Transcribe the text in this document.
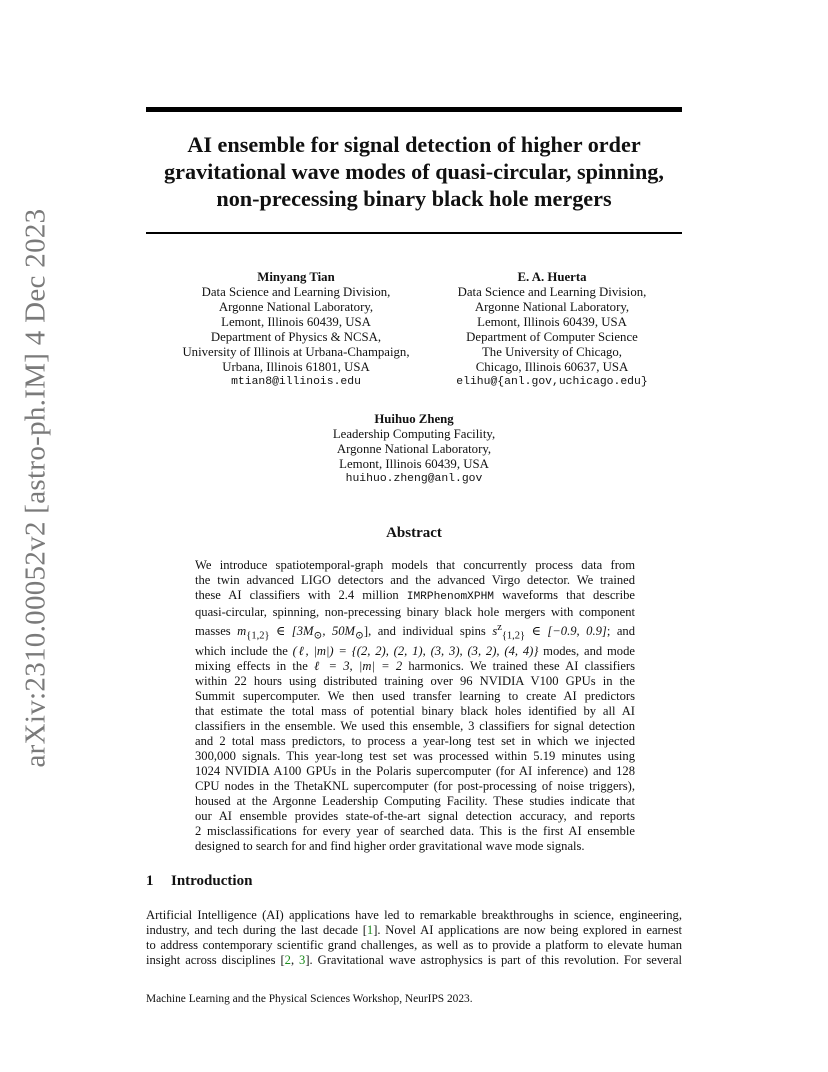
arXiv:2310.00052v2 [astro-ph.IM] 4 Dec 2023
AI ensemble for signal detection of higher order
gravitational wave modes of quasi-circular, spinning,
non-precessing binary black hole mergers
Minyang Tian
Data Science and Learning Division,
Argonne National Laboratory,
Lemont, Illinois 60439, USA
Department of Physics & NCSA,
University of Illinois at Urbana-Champaign,
Urbana, Illinois 61801, USA
mtian8@illinois.edu
E. A. Huerta
Data Science and Learning Division,
Argonne National Laboratory,
Lemont, Illinois 60439, USA
Department of Computer Science
The University of Chicago,
Chicago, Illinois 60637, USA
elihu@{anl.gov,uchicago.edu}
Huihuo Zheng
Leadership Computing Facility,
Argonne National Laboratory,
Lemont, Illinois 60439, USA
huihuo.zheng@anl.gov
Abstract
We introduce spatiotemporal-graph models that concurrently process data from
the twin advanced LIGO detectors and the advanced Virgo detector. We trained
these AI classifiers with 2.4 million IMRPhenomXPHM waveforms that describe
quasi-circular, spinning, non-precessing binary black hole mergers with component
masses $m_{\{1,2\}}$ ∈ [$3M_⊙$, $50M_⊙$], and individual spins $s^z_{\{1,2\}}$ ∈ [−0.9, 0.9]; and
which include the (ℓ, |m|) = {(2, 2), (2, 1), (3, 3), (3, 2), (4, 4)} modes, and mode
mixing effects in the ℓ = 3, |m| = 2 harmonics. We trained these AI classifiers
within 22 hours using distributed training over 96 NVIDIA V100 GPUs in the
Summit supercomputer. We then used transfer learning to create AI predictors
that estimate the total mass of potential binary black holes identified by all AI
classifiers in the ensemble. We used this ensemble, 3 classifiers for signal detection
and 2 total mass predictors, to process a year-long test set in which we injected
300,000 signals. This year-long test set was processed within 5.19 minutes using
1024 NVIDIA A100 GPUs in the Polaris supercomputer (for AI inference) and 128
CPU nodes in the ThetaKNL supercomputer (for post-processing of noise triggers),
housed at the Argonne Leadership Computing Facility. These studies indicate that
our AI ensemble provides state-of-the-art signal detection accuracy, and reports
2 misclassifications for every year of searched data. This is the first AI ensemble
designed to search for and find higher order gravitational wave mode signals.
1 Introduction
Artificial Intelligence (AI) applications have led to remarkable breakthroughs in science, engineering,
industry, and tech during the last decade [1]. Novel AI applications are now being explored in earnest
to address contemporary scientific grand challenges, as well as to provide a platform to elevate human
insight across disciplines [2, 3]. Gravitational wave astrophysics is part of this revolution. For several
Machine Learning and the Physical Sciences Workshop, NeurIPS 2023.
